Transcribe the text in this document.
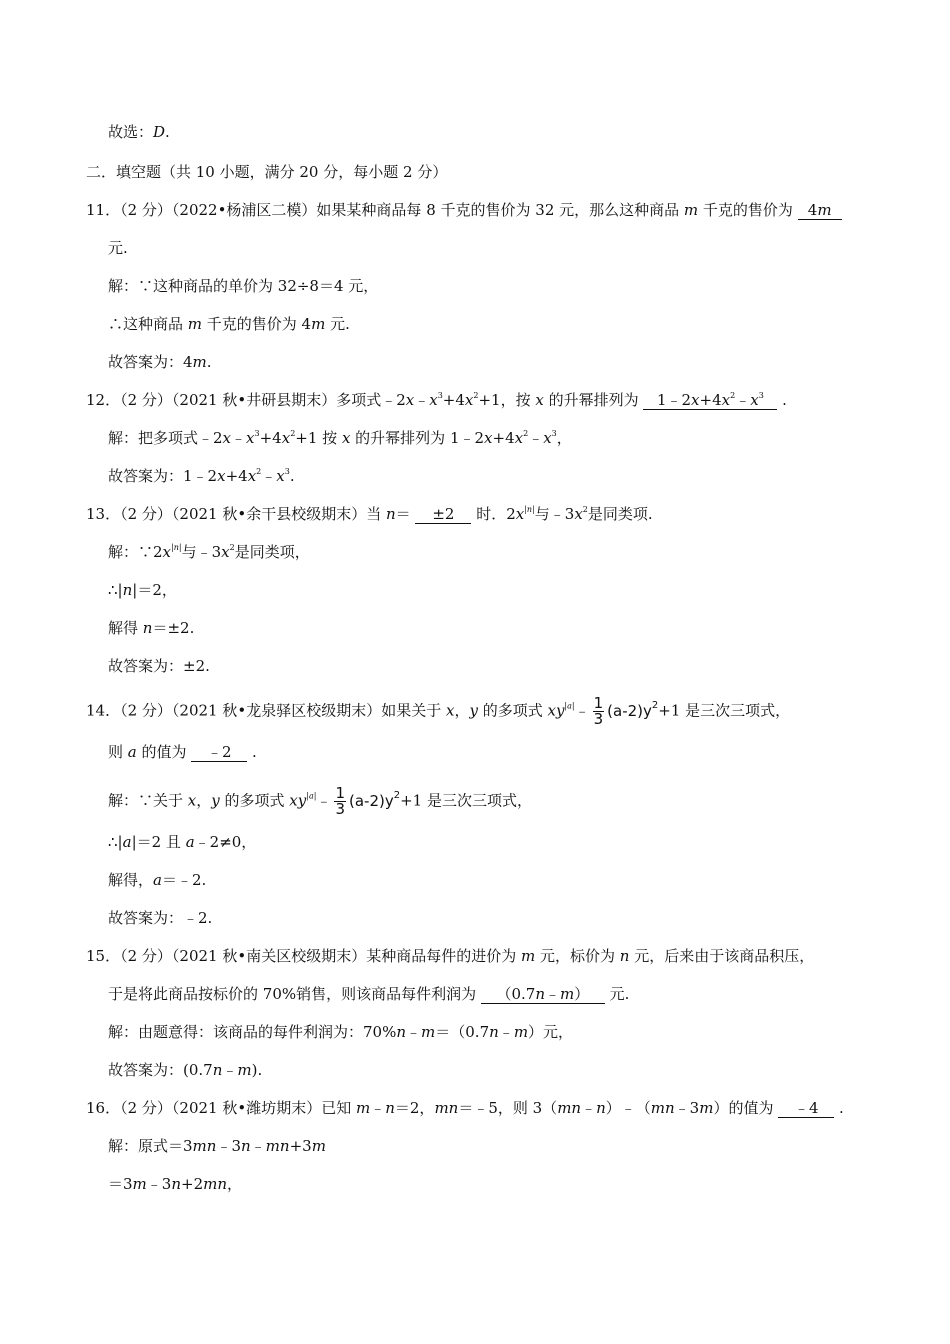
故选：D.
二．填空题（共 10 小题，满分 20 分，每小题 2 分）
11．（2 分）（2022•杨浦区二模）如果某种商品每 8 千克的售价为 32 元，那么这种商品 m 千克的售价为 4m
元.
解：∵这种商品的单价为 32÷8＝4 元，
∴这种商品 m 千克的售价为 4m 元.
故答案为：4m.
12．（2 分）（2021 秋•井研县期末）多项式$﹣2x﹣x^3+4x^2+1$，按 x 的升幂排列为 $1﹣2x+4x^2﹣x^3$ .
解：把多项式$﹣2x﹣x^3+4x^2+1$ 按 x 的升幂排列为 $1﹣2x+4x^2﹣x^3$，
故答案为：$1﹣2x+4x^2﹣x^3$.
13．（2 分）（2021 秋•余干县校级期末）当 n＝ ±2 时．$2x^{|n|}$与$﹣3x^2$是同类项.
解：$\because 2x^{|n|}$与$﹣3x^2$是同类项，
∴|n|＝2，
解得 n＝±2.
故答案为：±2.
14．（2 分）（2021 秋•龙泉驿区校级期末）如果关于 x，y 的多项式 $xy^{|a|}﹣ \frac{1}{3} (a-2)y^2+1$ 是三次三项式，
则 a 的值为 ﹣2 .
解：∵关于 x，y 的多项式 $xy^{|a|}﹣ \frac{1}{3} (a-2)y^2+1$ 是三次三项式，
∴|a|＝2 且 a﹣2≠0，
解得，a＝﹣2.
故答案为：﹣2.
15．（2 分）（2021 秋•南关区校级期末）某种商品每件的进价为 m 元，标价为 n 元，后来由于该商品积压，
于是将此商品按标价的 70%销售，则该商品每件利润为 （0.7n﹣m） 元.
解：由题意得：该商品的每件利润为：70%n﹣m＝（0.7n﹣m）元，
故答案为：(0.7n﹣m).
16．（2 分）（2021 秋•潍坊期末）已知 m﹣n＝2，mn＝﹣5，则 3（mn﹣n）﹣（mn﹣3m）的值为 ﹣4 .
解：原式＝3mn﹣3n﹣mn+3m
＝3m﹣3n+2mn，
